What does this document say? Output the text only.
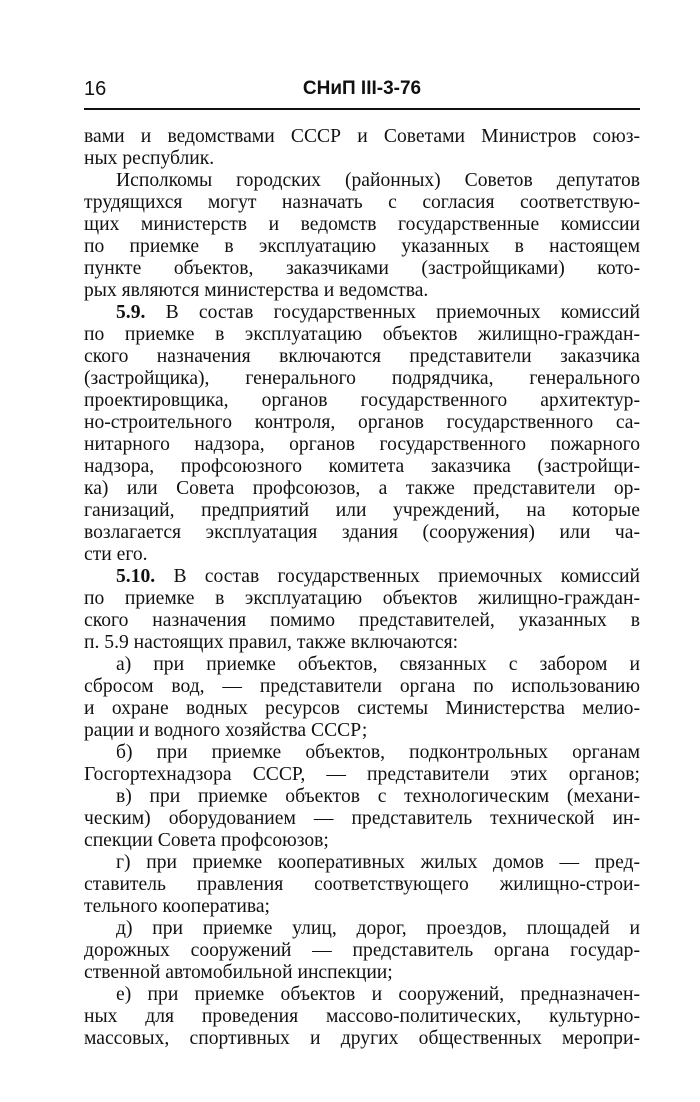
16	СНиП III-3-76
вами и ведомствами СССР и Советами Министров союз-
ных республик.
Исполкомы городских (районных) Советов депутатов
трудящихся могут назначать с согласия соответствую-
щих министерств и ведомств государственные комиссии
по приемке в эксплуатацию указанных в настоящем
пункте объектов, заказчиками (застройщиками) кото-
рых являются министерства и ведомства.
5.9. В состав государственных приемочных комиссий
по приемке в эксплуатацию объектов жилищно-граждан-
ского назначения включаются представители заказчика
(застройщика), генерального подрядчика, генерального
проектировщика, органов государственного архитектур-
но-строительного контроля, органов государственного са-
нитарного надзора, органов государственного пожарного
надзора, профсоюзного комитета заказчика (застройщи-
ка) или Совета профсоюзов, а также представители ор-
ганизаций, предприятий или учреждений, на которые
возлагается эксплуатация здания (сооружения) или ча-
сти его.
5.10. В состав государственных приемочных комиссий
по приемке в эксплуатацию объектов жилищно-граждан-
ского назначения помимо представителей, указанных в
п. 5.9 настоящих правил, также включаются:
а) при приемке объектов, связанных с забором и
сбросом вод, — представители органа по использованию
и охране водных ресурсов системы Министерства мелио-
рации и водного хозяйства СССР;
б) при приемке объектов, подконтрольных органам
Госгортехнадзора СССР, — представители этих органов;
в) при приемке объектов с технологическим (механи-
ческим) оборудованием — представитель технической ин-
спекции Совета профсоюзов;
г) при приемке кооперативных жилых домов — пред-
ставитель правления соответствующего жилищно-строи-
тельного кооператива;
д) при приемке улиц, дорог, проездов, площадей и
дорожных сооружений — представитель органа государ-
ственной автомобильной инспекции;
е) при приемке объектов и сооружений, предназначен-
ных для проведения массово-политических, культурно-
массовых, спортивных и других общественных меропри-
